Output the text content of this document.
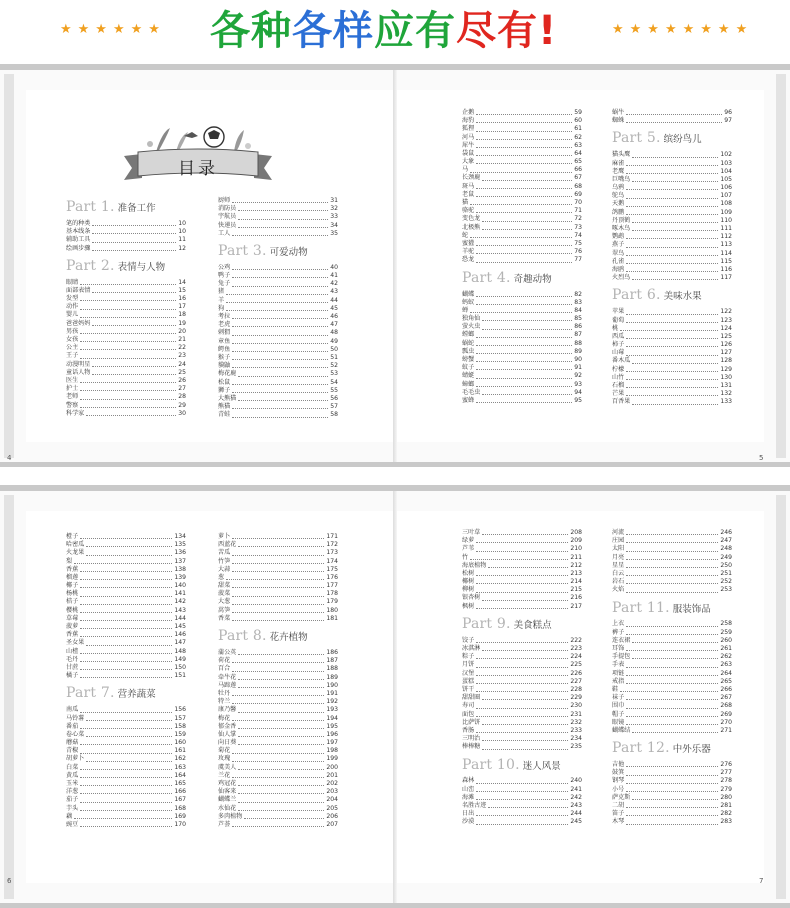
★★★★★★ 各种各样应有尽有!	★★★★★★★★
4	5
目录
Part 1. 准备工作
笔的种类	10
基本线条	10
辅助工具	11
绘画步骤	12
Part 2. 表情与人物
眼睛	14
面部表情	15
发型	16
动作	17
婴儿	18
爸爸妈妈	19
男孩	20
女孩	21
公主	22
王子	23
动漫明星	24
童话人物	25
医生	26
护士	27
老师	28
警察	29
科学家	30
厨师	31
消防员	32
宇航员	33
快递员	34
工人	35
Part 3. 可爱动物
公鸡	40
鸭子	41
兔子	42
猪	43
羊	44
狗	45
考拉	46
老虎	47
刺猬	48
章鱼	49
鳄鱼	50
猴子	51
貘鼬	52
梅花鹿	53
松鼠	54
狮子	55
大熊猫	56
熊猫	57
青蛙	58
企鹅	59
海豹	60
狐狸	61
河马	62
犀牛	63
袋鼠	64
大象	65
马	66
长颈鹿	67
斑马	68
老鼠	69
猫	70
骆驼	71
变色龙	72
北极熊	73
蛇	74
蜜獾	75
羊驼	76
恐龙	77
Part 4. 奇趣动物
蝴蝶	82
蚂蚁	83
蝉	84
独角仙	85
萤火虫	86
螳螂	87
蜗蛇	88
瓢虫	89
螃蟹	90
蚊子	91
蜻蜓	92
蟑螂	93
毛毛虫	94
蜜蜂	95
蜗牛	96
蜘蛛	97
Part 5. 缤纷鸟儿
猫头鹰	102
麻雀	103
老鹰	104
巨嘴鸟	105
乌鸦	106
鸵鸟	107
天鹅	108
鸽鹏	109
丹顶鹤	110
啄木鸟	111
鹦鹉	112
燕子	113
翠鸟	114
孔雀	115
海鸥	116
火烈鸟	117
Part 6. 美味水果
苹果	122
葡萄	123
桃	124
西瓜	125
柿子	126
山莓	127
番木瓜	128
柠檬	129
山竹	130
石榴	131
芒果	132
百香果	133
6	7
橙子	134
哈密瓜	135
火龙果	136
梨	137
香蕉	138
榴莲	139
椰子	140
杨桃	141
桔子	142
樱桃	143
草莓	144
菠萝	145
香蕉	146
圣女果	147
山楂	148
毛丹	149
甘蔗	150
橘子	151
Part 7. 营养蔬菜
南瓜	156
马铃薯	157
番茄	158
卷心菜	159
蘑菇	160
青椒	161
胡萝卜	162
白菜	163
黄瓜	164
玉米	165
洋葱	166
茄子	167
芋头	168
藕	169
豌豆	170
萝卜	171
西蓝花	172
苦瓜	173
竹笋	174
大蒜	175
葱	176
甜菜	177
菠菜	178
大葱	179
莴笋	180
香菜	181
Part 8. 花卉植物
蒲公英	186
荷花	187
百合	188
牵牛花	189
马蹄莲	190
牡丹	191
特兰	192
康乃馨	193
梅花	194
郁金香	195
仙人掌	196
向日葵	197
菊花	198
玫瑰	199
虞美人	200
兰花	201
鸡冠花	202
仙客来	203
蝴蝶兰	204
水仙花	205
多肉植物	206
芦荟	207
三叶草	208
绿萝	209
芦苇	210
竹	211
海底植物	212
松树	213
椰树	214
柳树	215
银杏树	216
枫树	217
Part 9. 美食糕点
饺子	222
冰淇淋	223
粽子	224
月饼	225
汉堡	226
蛋糕	227
饼干	228
甜甜圈	229
寿司	230
面包	231
比萨饼	232
香肠	233
三明治	234
棒棒糖	235
Part 10. 迷人风景
森林	240
山峦	241
海滩	242
名胜古迹	243
日出	244
沙漠	245
河流	246
庄园	247
太阳	248
月亮	249
星星	250
白云	251
岩石	252
火焰	253
Part 11. 服装饰品
上衣	258
裤子	259
连衣裙	260
耳饰	261
手提包	262
手表	263
项链	264
戒指	265
鞋	266
袜子	267
围巾	268
帽子	269
眼镜	270
蝴蝶结	271
Part 12. 中外乐器
吉他	276
鼓箕	277
钢琴	278
小号	279
萨克斯	280
二胡	281
笛子	282
木琴	283
